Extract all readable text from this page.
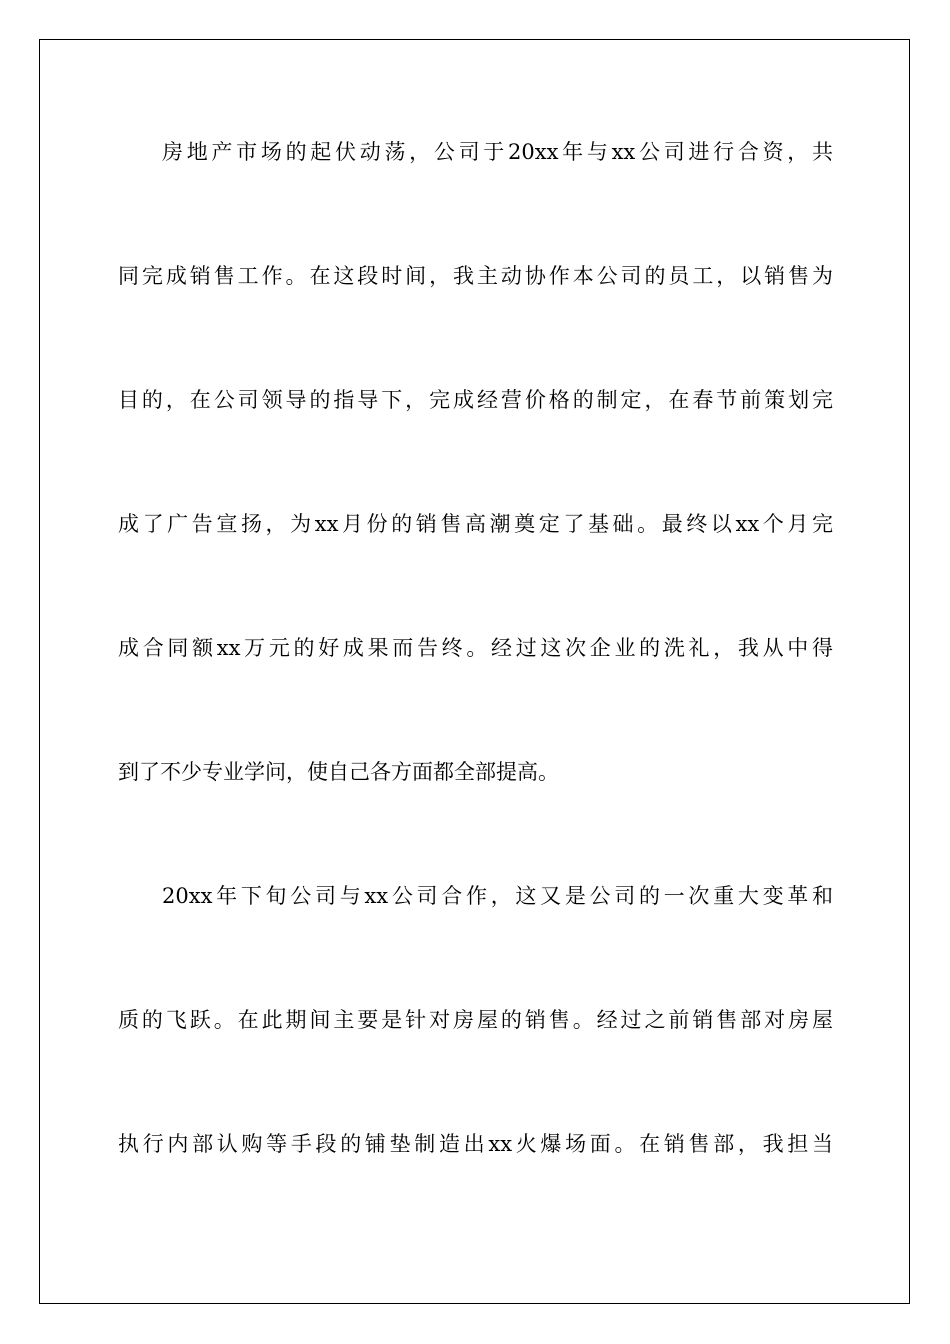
房地产市场的起伏动荡，公司于20xx年与xx公司进行合资，共
同完成销售工作。在这段时间，我主动协作本公司的员工，以销售为
目的，在公司领导的指导下，完成经营价格的制定，在春节前策划完
成了广告宣扬，为xx月份的销售高潮奠定了基础。最终以xx个月完
成合同额xx万元的好成果而告终。经过这次企业的洗礼，我从中得
到了不少专业学问，使自己各方面都全部提高。
20xx年下旬公司与xx公司合作，这又是公司的一次重大变革和
质的飞跃。在此期间主要是针对房屋的销售。经过之前销售部对房屋
执行内部认购等手段的铺垫制造出xx火爆场面。在销售部，我担当
